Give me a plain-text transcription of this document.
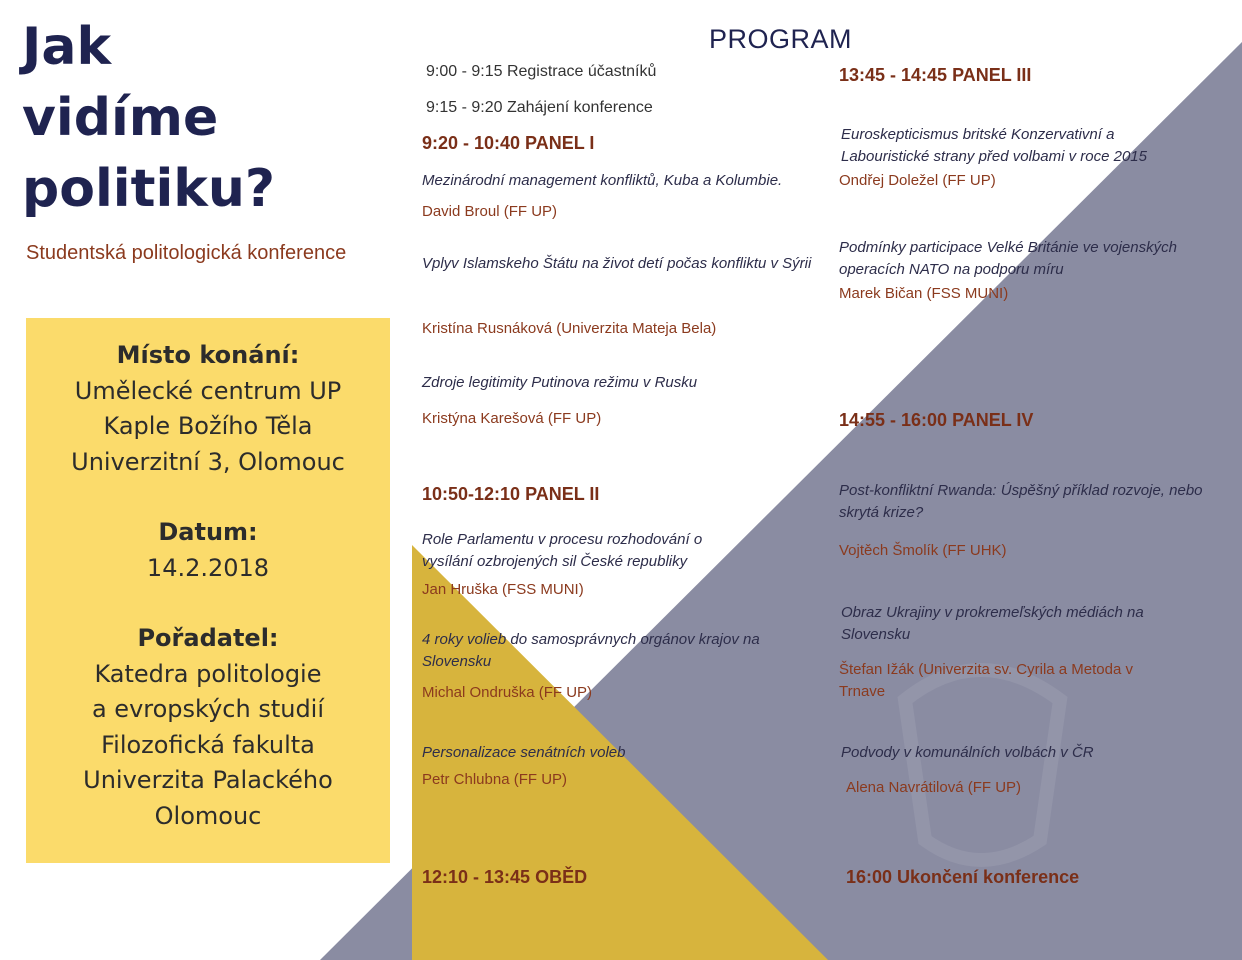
Jak
vidíme
politiku?
Studentská politologická konference
Místo konání:
Umělecké centrum UP
Kaple Božího Těla
Univerzitní 3, Olomouc
Datum:
14.2.2018
Pořadatel:
Katedra politologie
a evropských studií
Filozofická fakulta
Univerzita Palackého
Olomouc
PROGRAM
9:00 - 9:15 Registrace účastníků
9:15 - 9:20 Zahájení konference
9:20 - 10:40 PANEL I
Mezinárodní management konfliktů, Kuba a Kolumbie.
David Broul (FF UP)
Vplyv Islamskeho Štátu na život detí počas konfliktu v Sýrii
Kristína Rusnáková (Univerzita Mateja Bela)
Zdroje legitimity Putinova režimu v Rusku
Kristýna Karešová (FF UP)
10:50-12:10 PANEL II
Role Parlamentu v procesu rozhodování o vysílání ozbrojených sil České republiky
Jan Hruška (FSS MUNI)
4 roky volieb do samosprávnych orgánov krajov na Slovensku
Michal Ondruška (FF UP)
Personalizace senátních voleb
Petr Chlubna (FF UP)
12:10 - 13:45 OBĚD
13:45 - 14:45 PANEL III
Euroskepticismus britské Konzervativní a Labouristické strany před volbami v roce 2015
Ondřej Doležel (FF UP)
Podmínky participace Velké Británie ve vojenských operacích NATO na podporu míru
Marek Bičan (FSS MUNI)
14:55 - 16:00 PANEL IV
Post-konfliktní Rwanda: Úspěšný příklad rozvoje, nebo skrytá krize?
Vojtěch Šmolík (FF UHK)
Obraz Ukrajiny v prokremeľských médiách na Slovensku
Štefan Ižák (Univerzita sv. Cyrila a Metoda v Trnave
Podvody v komunálních volbách v ČR
Alena Navrátilová (FF UP)
16:00 Ukončení konference
